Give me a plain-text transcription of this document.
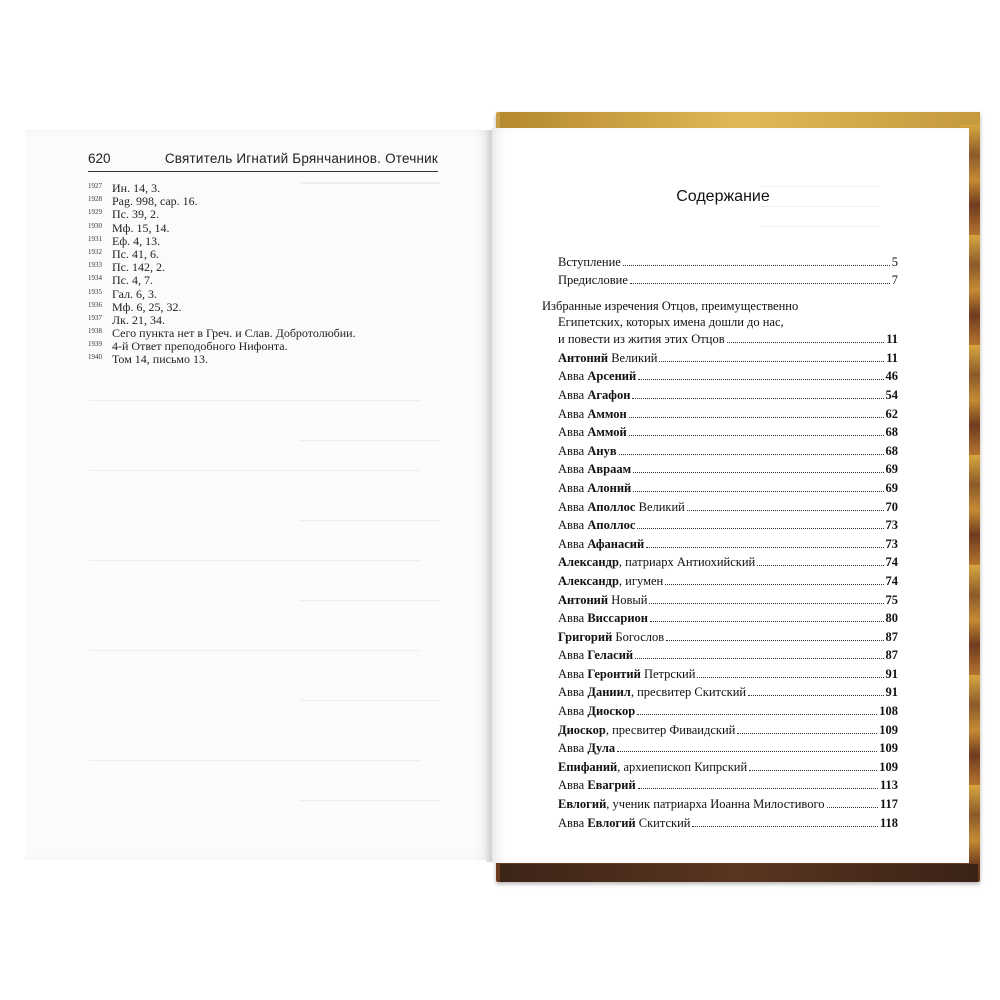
620	Святитель Игнатий Брянчанинов. Отечник
1927 Ин. 14, 3.
1928 Pag. 998, cap. 16.
1929 Пс. 39, 2.
1930 Мф. 15, 14.
1931 Еф. 4, 13.
1932 Пс. 41, 6.
1933 Пс. 142, 2.
1934 Пс. 4, 7.
1935 Гал. 6, 3.
1936 Мф. 6, 25, 32.
1937 Лк. 21, 34.
1938 Сего пункта нет в Греч. и Слав. Добротолюбии.
1939 4-й Ответ преподобного Нифонта.
1940 Том 14, письмо 13.
Содержание
Вступление	5
Предисловие	7
Избранные изречения Отцов, преимущественно
Египетских, которых имена дошли до нас,
и повести из жития этих Отцов	11
Антоний Великий	11
Авва Арсений	46
Авва Агафон	54
Авва Аммон	62
Авва Аммой	68
Авва Анув	68
Авва Авраам	69
Авва Алоний	69
Авва Аполлос Великий	70
Авва Аполлос	73
Авва Афанасий	73
Александр, патриарх Антиохийский	74
Александр, игумен	74
Антоний Новый	75
Авва Виссарион	80
Григорий Богослов	87
Авва Геласий	87
Авва Геронтий Петрский	91
Авва Даниил, пресвитер Скитский	91
Авва Диоскор	108
Диоскор, пресвитер Фиваидский	109
Авва Дула	109
Епифаний, архиепископ Кипрский	109
Авва Евагрий	113
Евлогий, ученик патриарха Иоанна Милостивого	117
Авва Евлогий Скитский	118
